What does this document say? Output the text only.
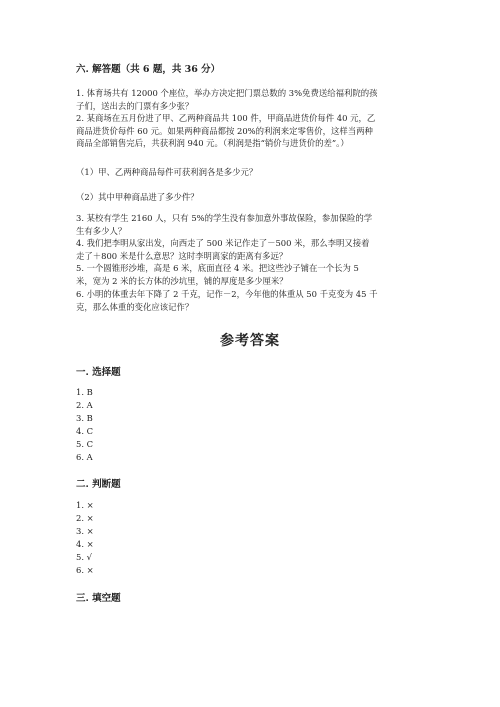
六. 解答题（共 6 题，共 36 分）
1. 体育场共有 12000 个座位，举办方决定把门票总数的 3%免费送给福利院的孩
子们，送出去的门票有多少张？
2. 某商场在五月份进了甲、乙两种商品共 100 件，甲商品进货价每件 40 元，乙
商品进货价每件 60 元。如果两种商品都按 20%的利润来定零售价，这样当两种
商品全部销售完后，共获利润 940 元。（利润是指“销价与进货价的差”。）
（1）甲、乙两种商品每件可获利润各是多少元？
（2）其中甲种商品进了多少件？
3. 某校有学生 2160 人，只有 5%的学生没有参加意外事故保险，参加保险的学
生有多少人？
4. 我们把李明从家出发，向西走了 500 米记作走了－500 米，那么李明又接着
走了＋800 米是什么意思？这时李明离家的距离有多远？
5. 一个圆锥形沙堆，高是 6 米，底面直径 4 米。把这些沙子铺在一个长为 5
米，宽为 2 米的长方体的沙坑里，铺的厚度是多少厘米？
6. 小明的体重去年下降了 2 千克，记作－2，今年他的体重从 50 千克变为 45 千
克，那么体重的变化应该记作？
参考答案
一. 选择题
1. B
2. A
3. B
4. C
5. C
6. A
二. 判断题
1. ×
2. ×
3. ×
4. ×
5. √
6. ×
三. 填空题
